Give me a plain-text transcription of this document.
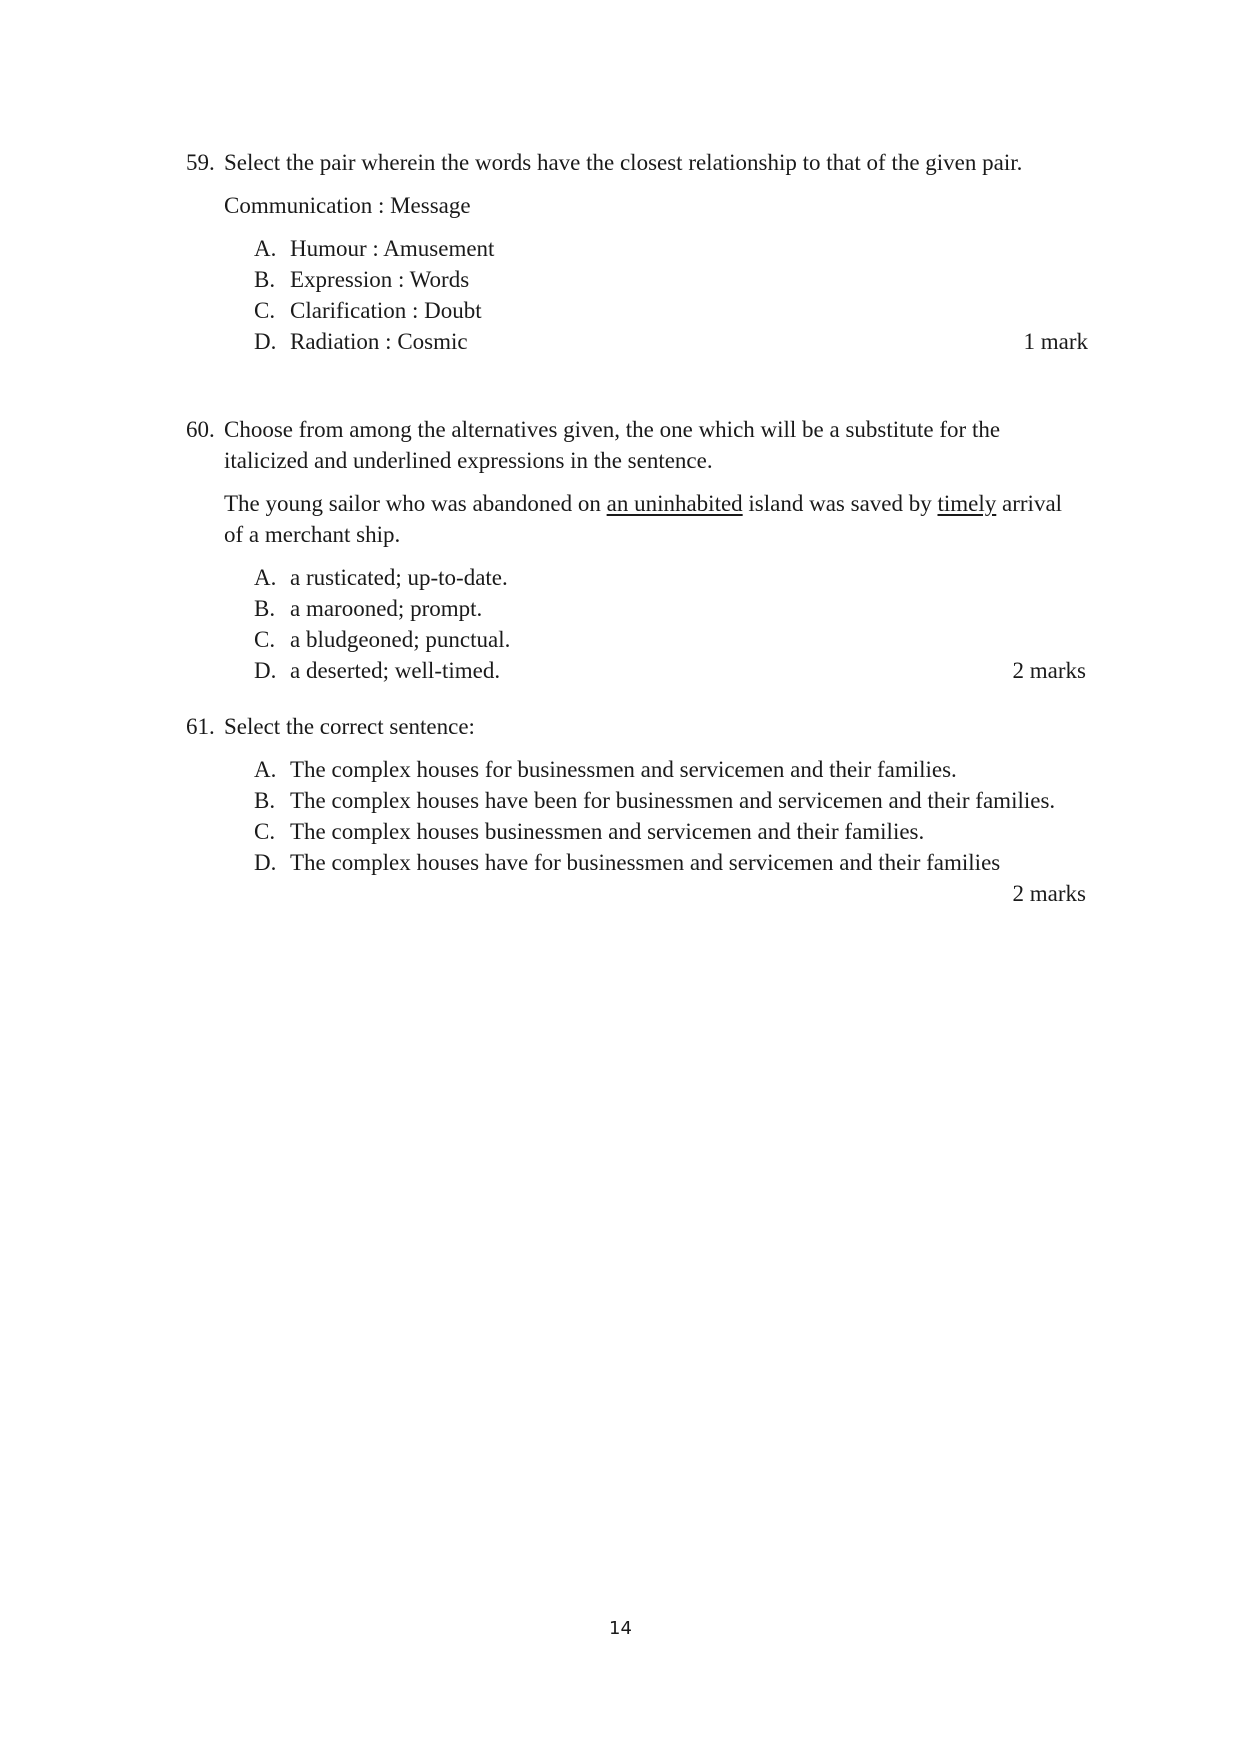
59. Select the pair wherein the words have the closest relationship to that of the given pair.
Communication : Message
A. Humour : Amusement
B. Expression : Words
C. Clarification : Doubt
D. Radiation : Cosmic	1 mark
60. Choose from among the alternatives given, the one which will be a substitute for the italicized and underlined expressions in the sentence.
The young sailor who was abandoned on an uninhabited island was saved by timely arrival of a merchant ship.
A. a rusticated; up-to-date.
B. a marooned; prompt.
C. a bludgeoned; punctual.
D. a deserted; well-timed.	2 marks
61. Select the correct sentence:
A. The complex houses for businessmen and servicemen and their families.
B. The complex houses have been for businessmen and servicemen and their families.
C. The complex houses businessmen and servicemen and their families.
D. The complex houses have for businessmen and servicemen and their families
2 marks
14
